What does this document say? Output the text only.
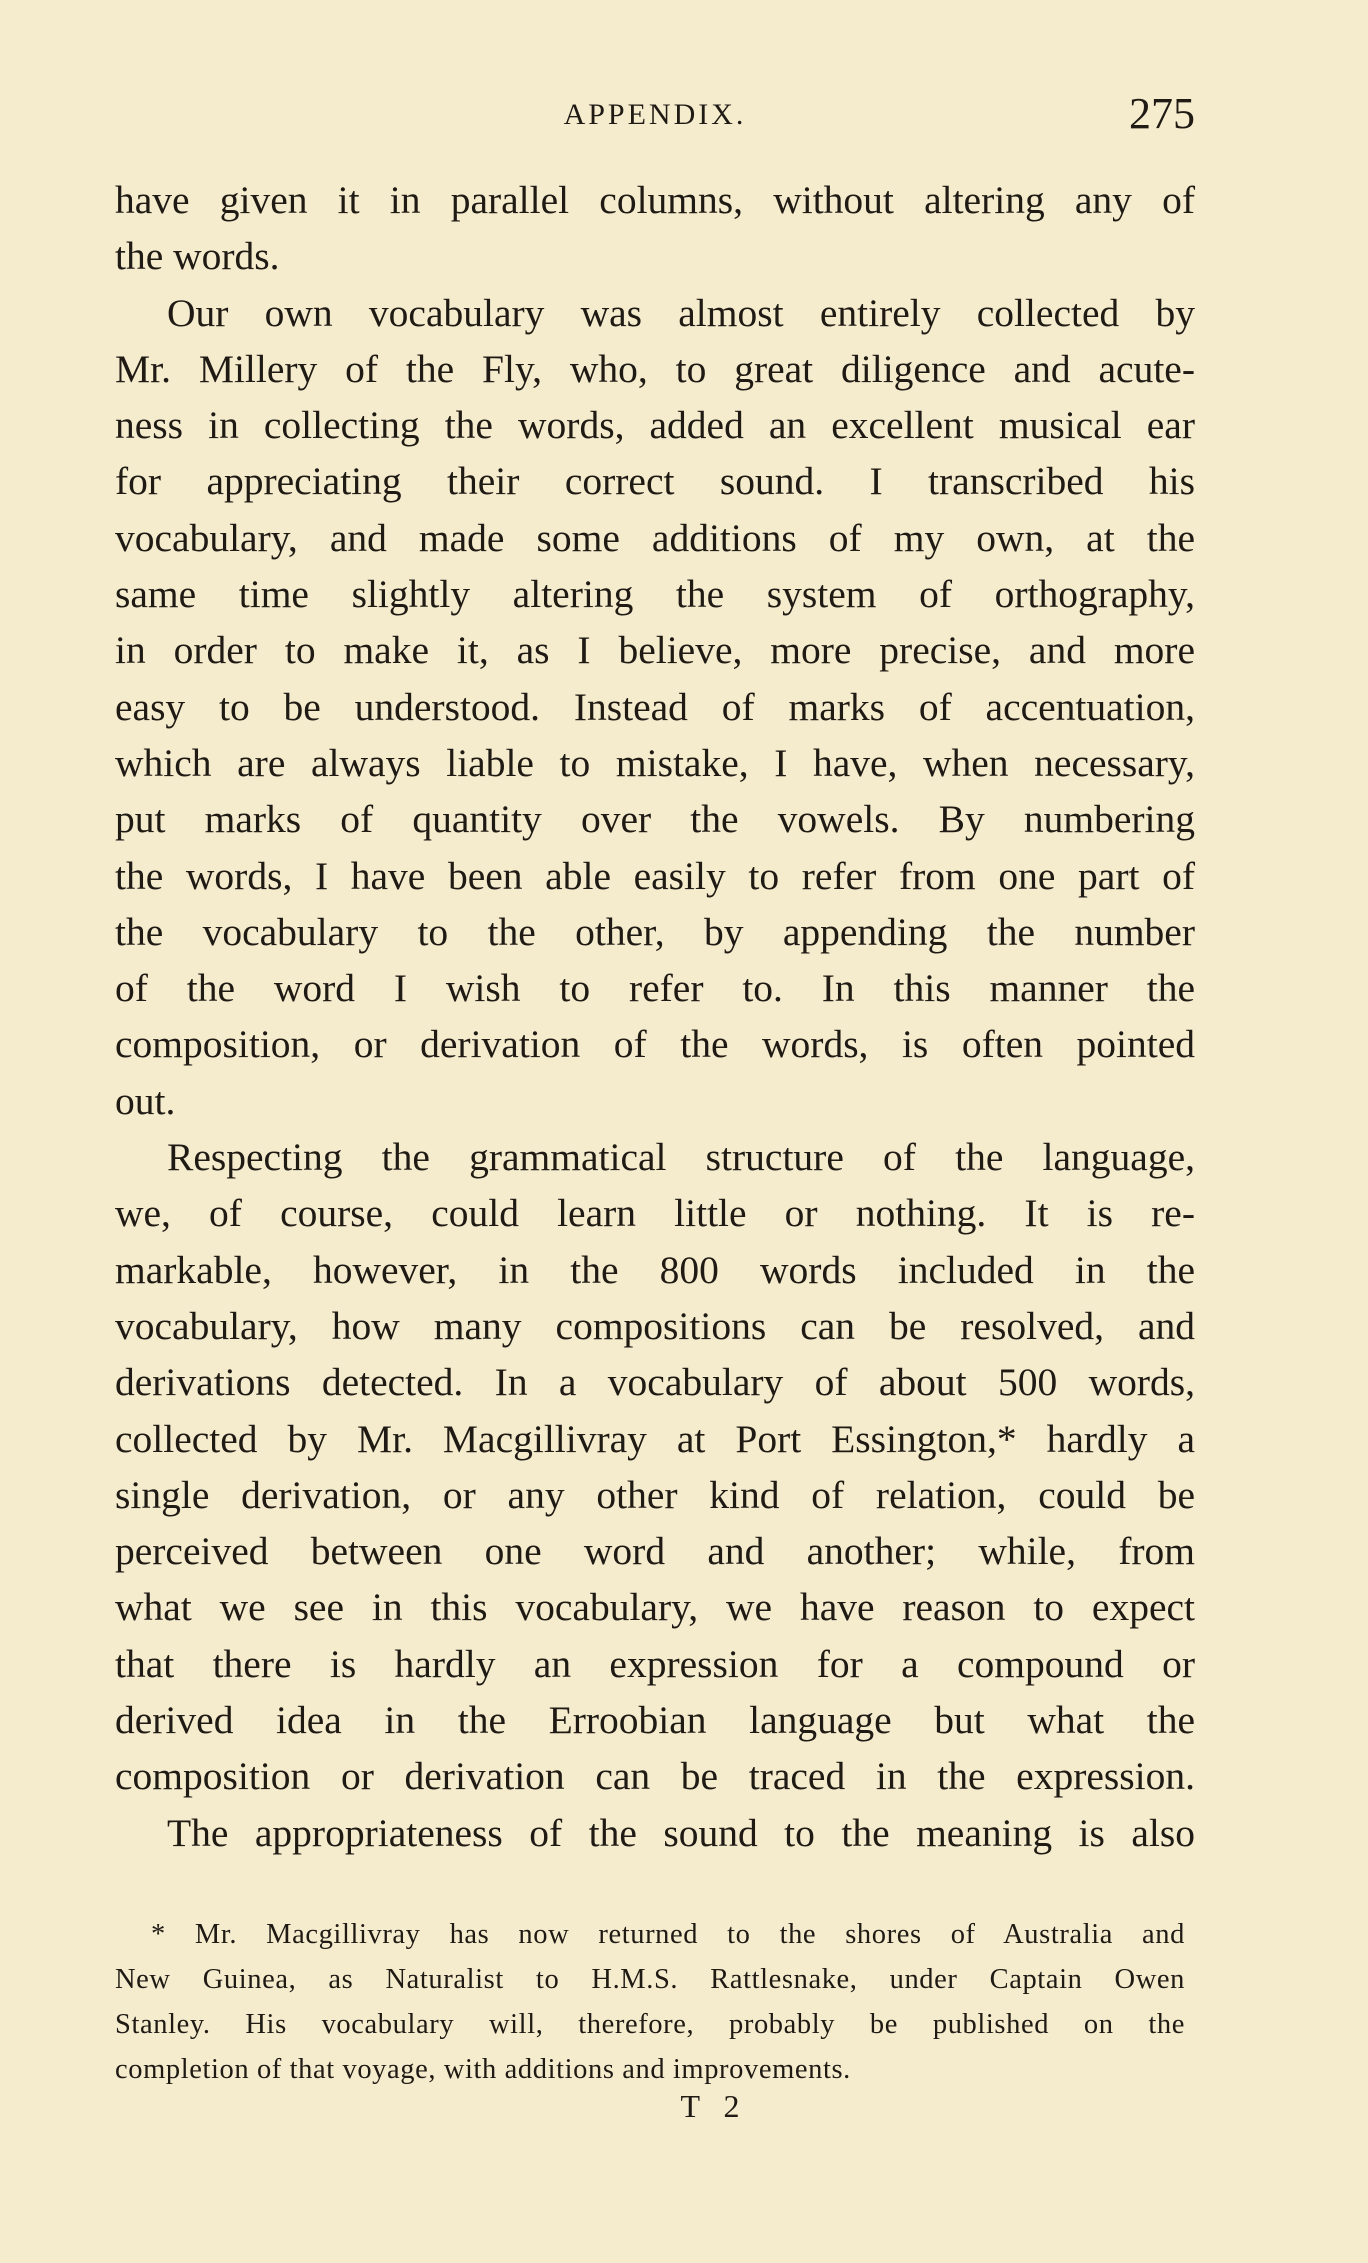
APPENDIX.	275
have given it in parallel columns, without altering any of
the words.
Our own vocabulary was almost entirely collected by
Mr. Millery of the Fly, who, to great diligence and acute-
ness in collecting the words, added an excellent musical ear
for appreciating their correct sound. I transcribed his
vocabulary, and made some additions of my own, at the
same time slightly altering the system of orthography,
in order to make it, as I believe, more precise, and more
easy to be understood. Instead of marks of accentuation,
which are always liable to mistake, I have, when necessary,
put marks of quantity over the vowels. By numbering
the words, I have been able easily to refer from one part of
the vocabulary to the other, by appending the number
of the word I wish to refer to. In this manner the
composition, or derivation of the words, is often pointed
out.
Respecting the grammatical structure of the language,
we, of course, could learn little or nothing. It is re-
markable, however, in the 800 words included in the
vocabulary, how many compositions can be resolved, and
derivations detected. In a vocabulary of about 500 words,
collected by Mr. Macgillivray at Port Essington,* hardly a
single derivation, or any other kind of relation, could be
perceived between one word and another; while, from
what we see in this vocabulary, we have reason to expect
that there is hardly an expression for a compound or
derived idea in the Erroobian language but what the
composition or derivation can be traced in the expression.
The appropriateness of the sound to the meaning is also
* Mr. Macgillivray has now returned to the shores of Australia and
New Guinea, as Naturalist to H.M.S. Rattlesnake, under Captain Owen
Stanley. His vocabulary will, therefore, probably be published on the
completion of that voyage, with additions and improvements.
T 2
